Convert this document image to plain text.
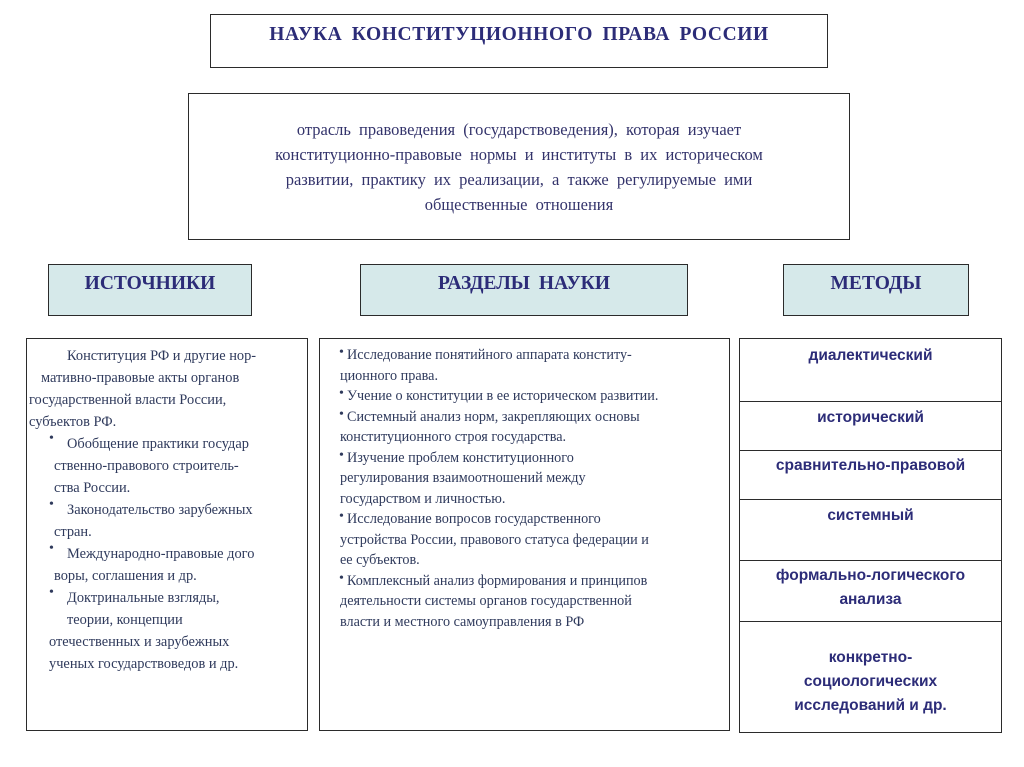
НАУКА КОНСТИТУЦИОННОГО ПРАВА РОССИИ

отрасль правоведения (государствоведения), которая изучает
конституционно-правовые нормы и институты в их историческом
развитии, практику их реализации, а также регулируемые ими
общественные отношения

ИСТОЧНИКИ	РАЗДЕЛЫ НАУКИ	МЕТОДЫ
Конституция РФ и другие нор-
мативно-правовые акты органов
государственной власти России,
субъектов РФ.
• Обобщение практики государ
ственно-правового строитель-
ства России.
• Законодательство зарубежных
стран.
• Международно-правовые дого
воры, соглашения и др.
• Доктринальные взгляды,
теории, концепции
отечественных и зарубежных
ученых государствоведов и др.
• Исследование понятийного аппарата конститу-
ционного права.
• Учение о конституции в ее историческом развитии.
• Системный анализ норм, закрепляющих основы
конституционного строя государства.
• Изучение проблем конституционного
регулирования взаимоотношений между
государством и личностью.
• Исследование вопросов государственного
устройства России, правового статуса федерации и
ее субъектов.
• Комплексный анализ формирования и принципов
деятельности системы органов государственной
власти и местного самоуправления в РФ
диалектический
исторический
сравнительно-правовой
системный
формально-логического анализа
конкретно-социологических исследований и др.
